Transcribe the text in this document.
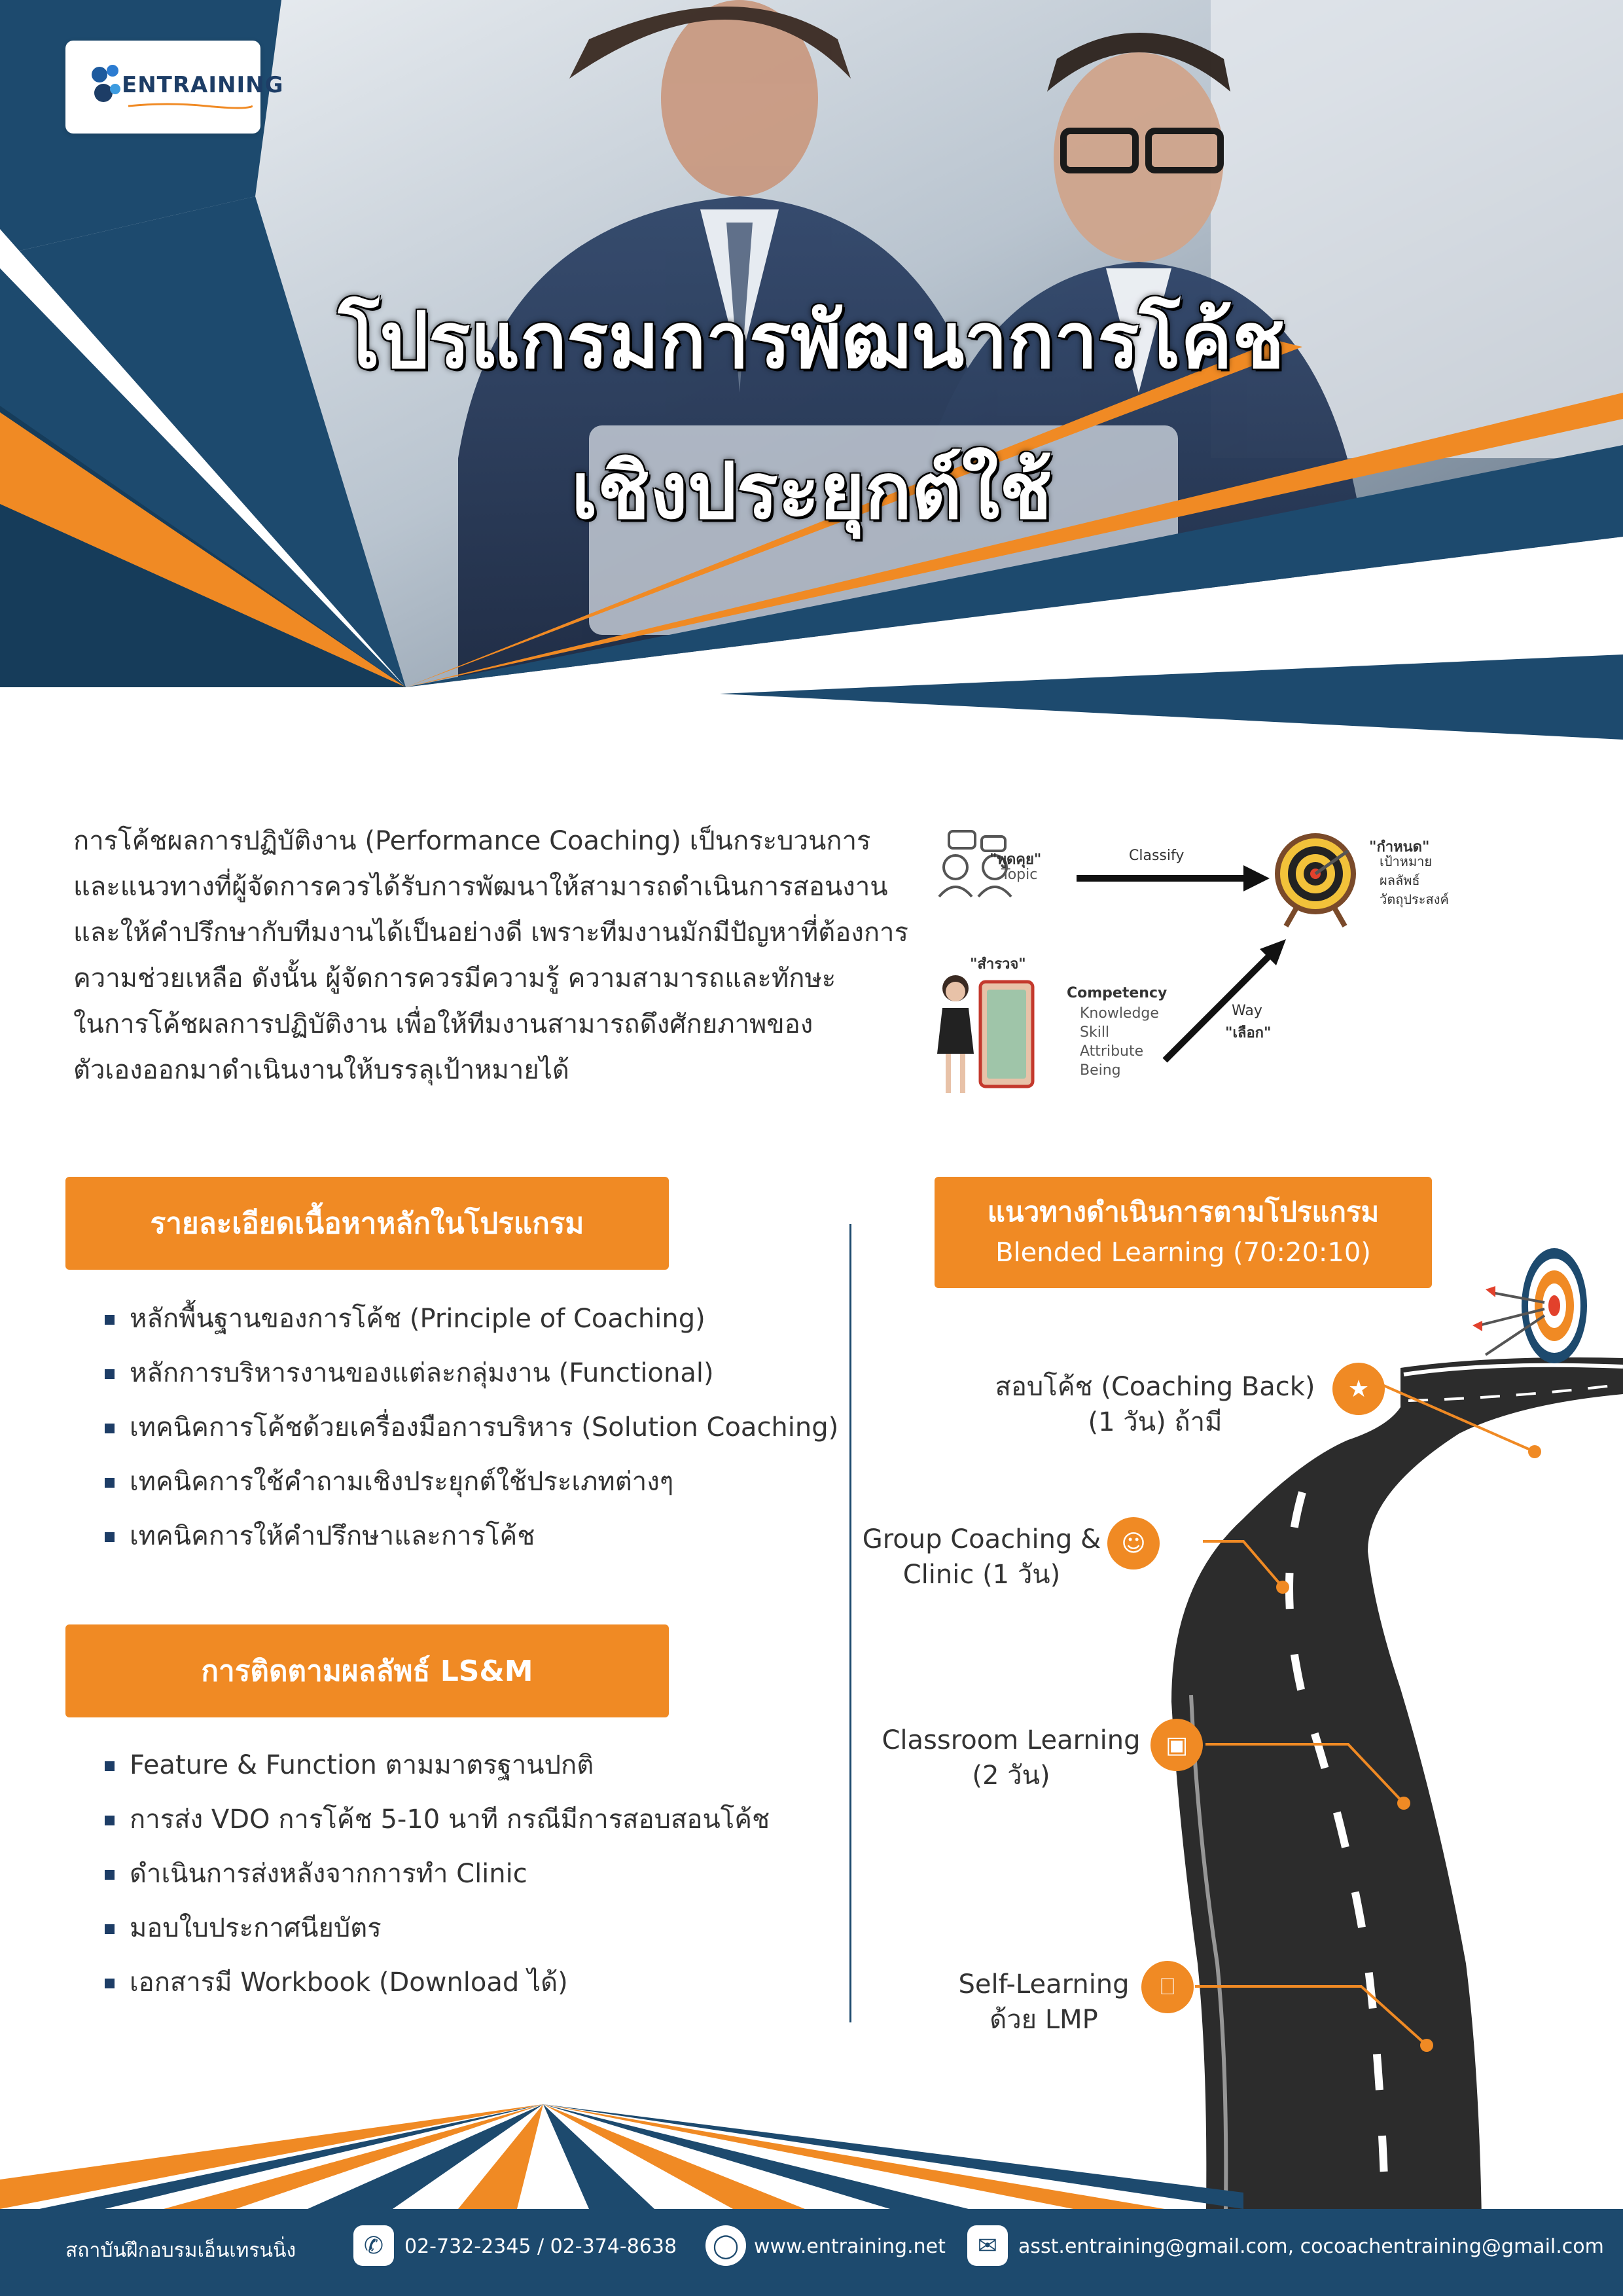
ENTRAINING
โปรแกรมการพัฒนาการโค้ช
เชิงประยุกต์ใช้

การโค้ชผลการปฏิบัติงาน (Performance Coaching) เป็นกระบวนการ

และแนวทางที่ผู้จัดการควรได้รับการพัฒนาให้สามารถดำเนินการสอนงาน

และให้คำปรึกษากับทีมงานได้เป็นอย่างดี เพราะทีมงานมักมีปัญหาที่ต้องการ

ความช่วยเหลือ ดังนั้น ผู้จัดการควรมีความรู้ ความสามารถและทักษะ

ในการโค้ชผลการปฏิบัติงาน เพื่อให้ทีมงานสามารถดึงศักยภาพของ

ตัวเองออกมาดำเนินงานให้บรรลุเป้าหมายได้

"พูดคุย"
Topic
Classify
"กำหนด"
เป้าหมาย
ผลลัพธ์
วัตถุประสงค์
"สำรวจ"
Competency
Knowledge
Skill
Attribute
Being
Way
"เลือก"
รายละเอียดเนื้อหาหลักในโปรแกรม
หลักพื้นฐานของการโค้ช (Principle of Coaching)
หลักการบริหารงานของแต่ละกลุ่มงาน (Functional)
เทคนิคการโค้ชด้วยเครื่องมือการบริหาร (Solution Coaching)
เทคนิคการใช้คำถามเชิงประยุกต์ใช้ประเภทต่างๆ
เทคนิคการให้คำปรึกษาและการโค้ช
การติดตามผลลัพธ์ LS&M
Feature & Function ตามมาตรฐานปกติ
การส่ง VDO การโค้ช 5-10 นาที กรณีมีการสอบสอนโค้ช
ดำเนินการส่งหลังจากการทำ Clinic
มอบใบประกาศนียบัตร
เอกสารมี Workbook (Download ได้)
แนวทางดำเนินการตามโปรแกรม
Blended Learning (70:20:10)
★
☺
▣
⎕
สอบโค้ช (Coaching Back)
(1 วัน) ถ้ามี
Group Coaching &
Clinic (1 วัน)
Classroom Learning
(2 วัน)
Self-Learning
ด้วย LMP
สถาบันฝึกอบรมเอ็นเทรนนิ่ง	✆	02-732-2345 / 02-374-8638	◯ www.entraining.net	✉	asst.entraining@gmail.com, cocoachentraining@gmail.com
